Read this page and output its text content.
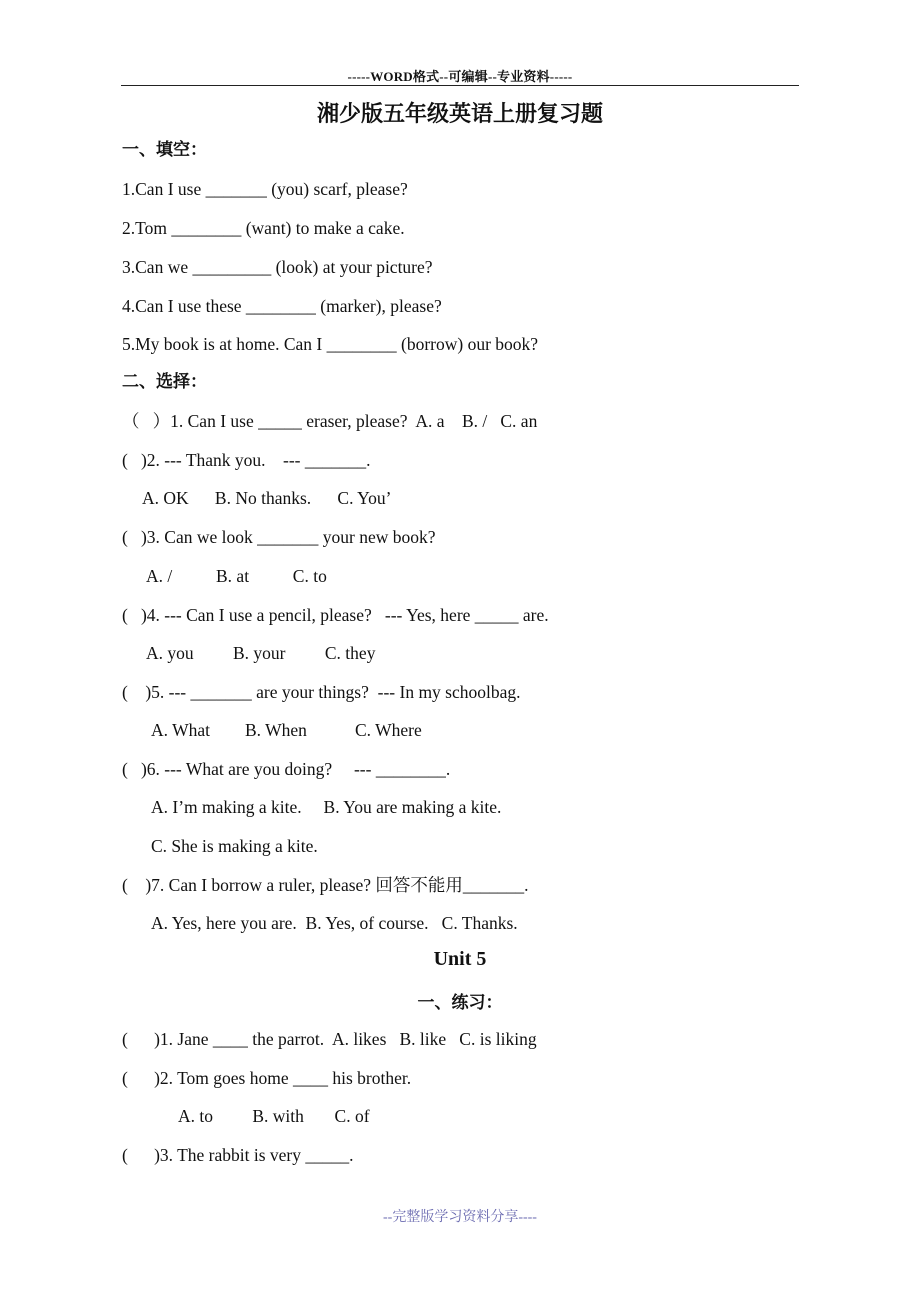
-----WORD格式--可编辑--专业资料-----
湘少版五年级英语上册复习题
一、填空：
1.Can I use _______ (you) scarf, please?
2.Tom ________ (want) to make a cake.
3.Can we _________ (look) at your picture?
4.Can I use these ________ (marker), please?
5.My book is at home. Can I ________ (borrow) our book?
二、选择：
（   ）1. Can I use _____ eraser, please?  A. a    B. /   C. an
(   )2. --- Thank you.    --- _______.
A. OK      B. No thanks.      C. You’
(   )3. Can we look _______ your new book?
A. /          B. at          C. to
(   )4. --- Can I use a pencil, please?   --- Yes, here _____ are.
A. you         B. your         C. they
(    )5. --- _______ are your things?  --- In my schoolbag.
A. What        B. When           C. Where
(   )6. --- What are you doing?     --- ________.
A. I’m making a kite.     B. You are making a kite.
C. She is making a kite.
(    )7. Can I borrow a ruler, please? 回答不能用_______.
A. Yes, here you are.  B. Yes, of course.   C. Thanks.
Unit 5
一、练习：
(      )1. Jane ____ the parrot.  A. likes   B. like   C. is liking
(      )2. Tom goes home ____ his brother.
A. to         B. with       C. of
(      )3. The rabbit is very _____.
--完整版学习资料分享----
